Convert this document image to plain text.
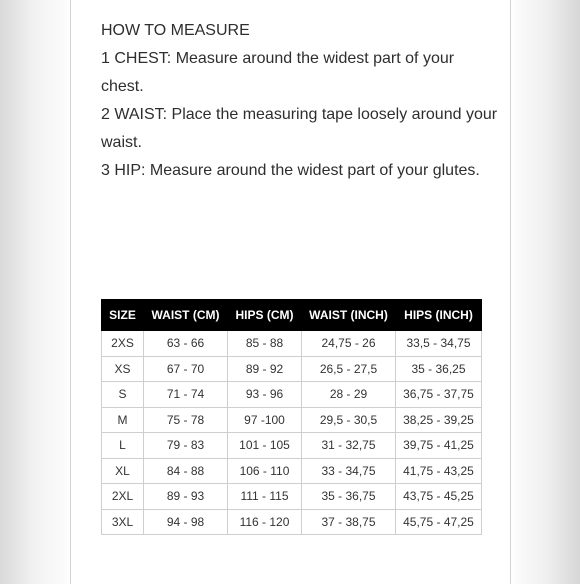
HOW TO MEASURE

1 CHEST: Measure around the widest part of your chest.

2 WAIST: Place the measuring tape loosely around your waist.

3 HIP: Measure around the widest part of your glutes.

SIZE	WAIST (CM)	HIPS (CM)	WAIST (INCH)	HIPS (INCH)
2XS	63 - 66	85 - 88	24,75 - 26	33,5 - 34,75
XS	67 - 70	89 - 92	26,5 - 27,5	35 - 36,25
S	71 - 74	93 - 96	28 - 29	36,75 - 37,75
M	75 - 78	97 -100	29,5 - 30,5	38,25 - 39,25
L	79 - 83	101 - 105	31 - 32,75	39,75 - 41,25
XL	84 - 88	106 - 110	33 - 34,75	41,75 - 43,25
2XL	89 - 93	111 - 115	35 - 36,75	43,75 - 45,25
3XL	94 - 98	116 - 120	37 - 38,75	45,75 - 47,25
